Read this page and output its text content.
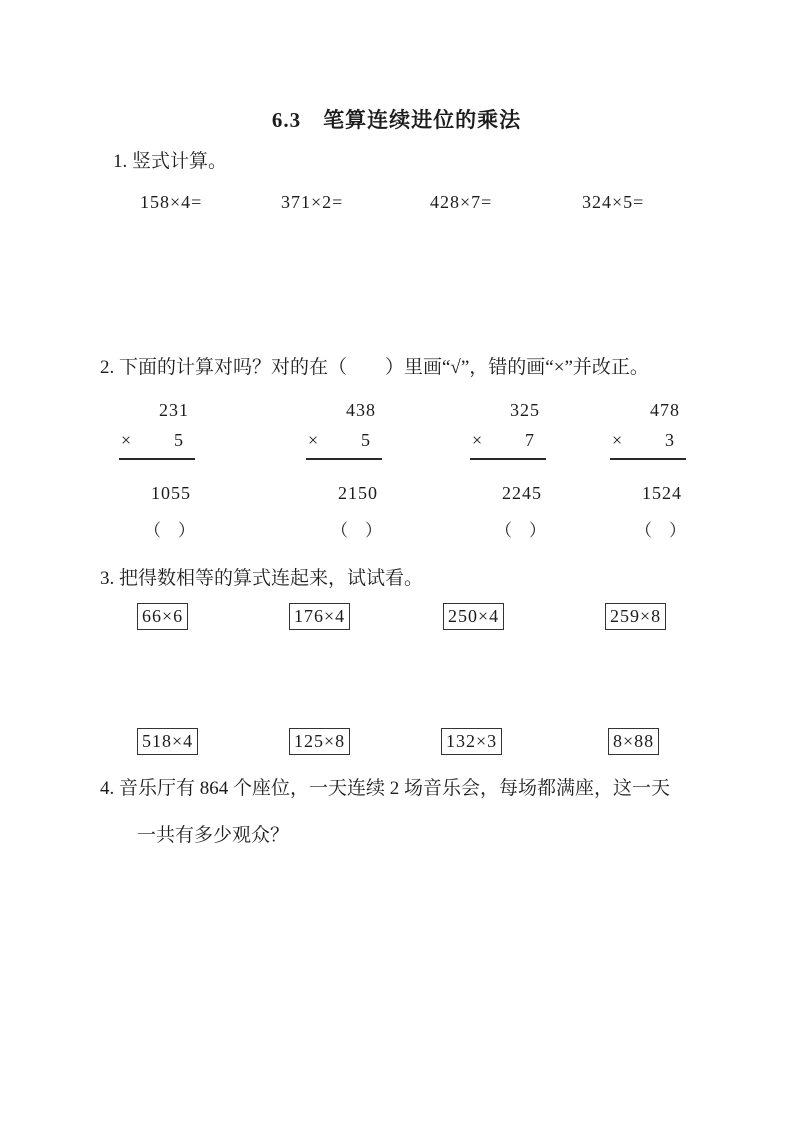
6.3　笔算连续进位的乘法
1. 竖式计算。
158×4=	371×2=	428×7=	324×5=
2. 下面的计算对吗？对的在（　　）里画“√”，错的画“×”并改正。
231
× 5
1055
（　）
438
× 5
2150
（　）
325
× 7
2245
（　）
478
× 3
1524
（　）
3. 把得数相等的算式连起来，试试看。
66×6	176×4	250×4	259×8
518×4	125×8	132×3	8×88
4. 音乐厅有 864 个座位，一天连续 2 场音乐会，每场都满座，这一天
一共有多少观众？
